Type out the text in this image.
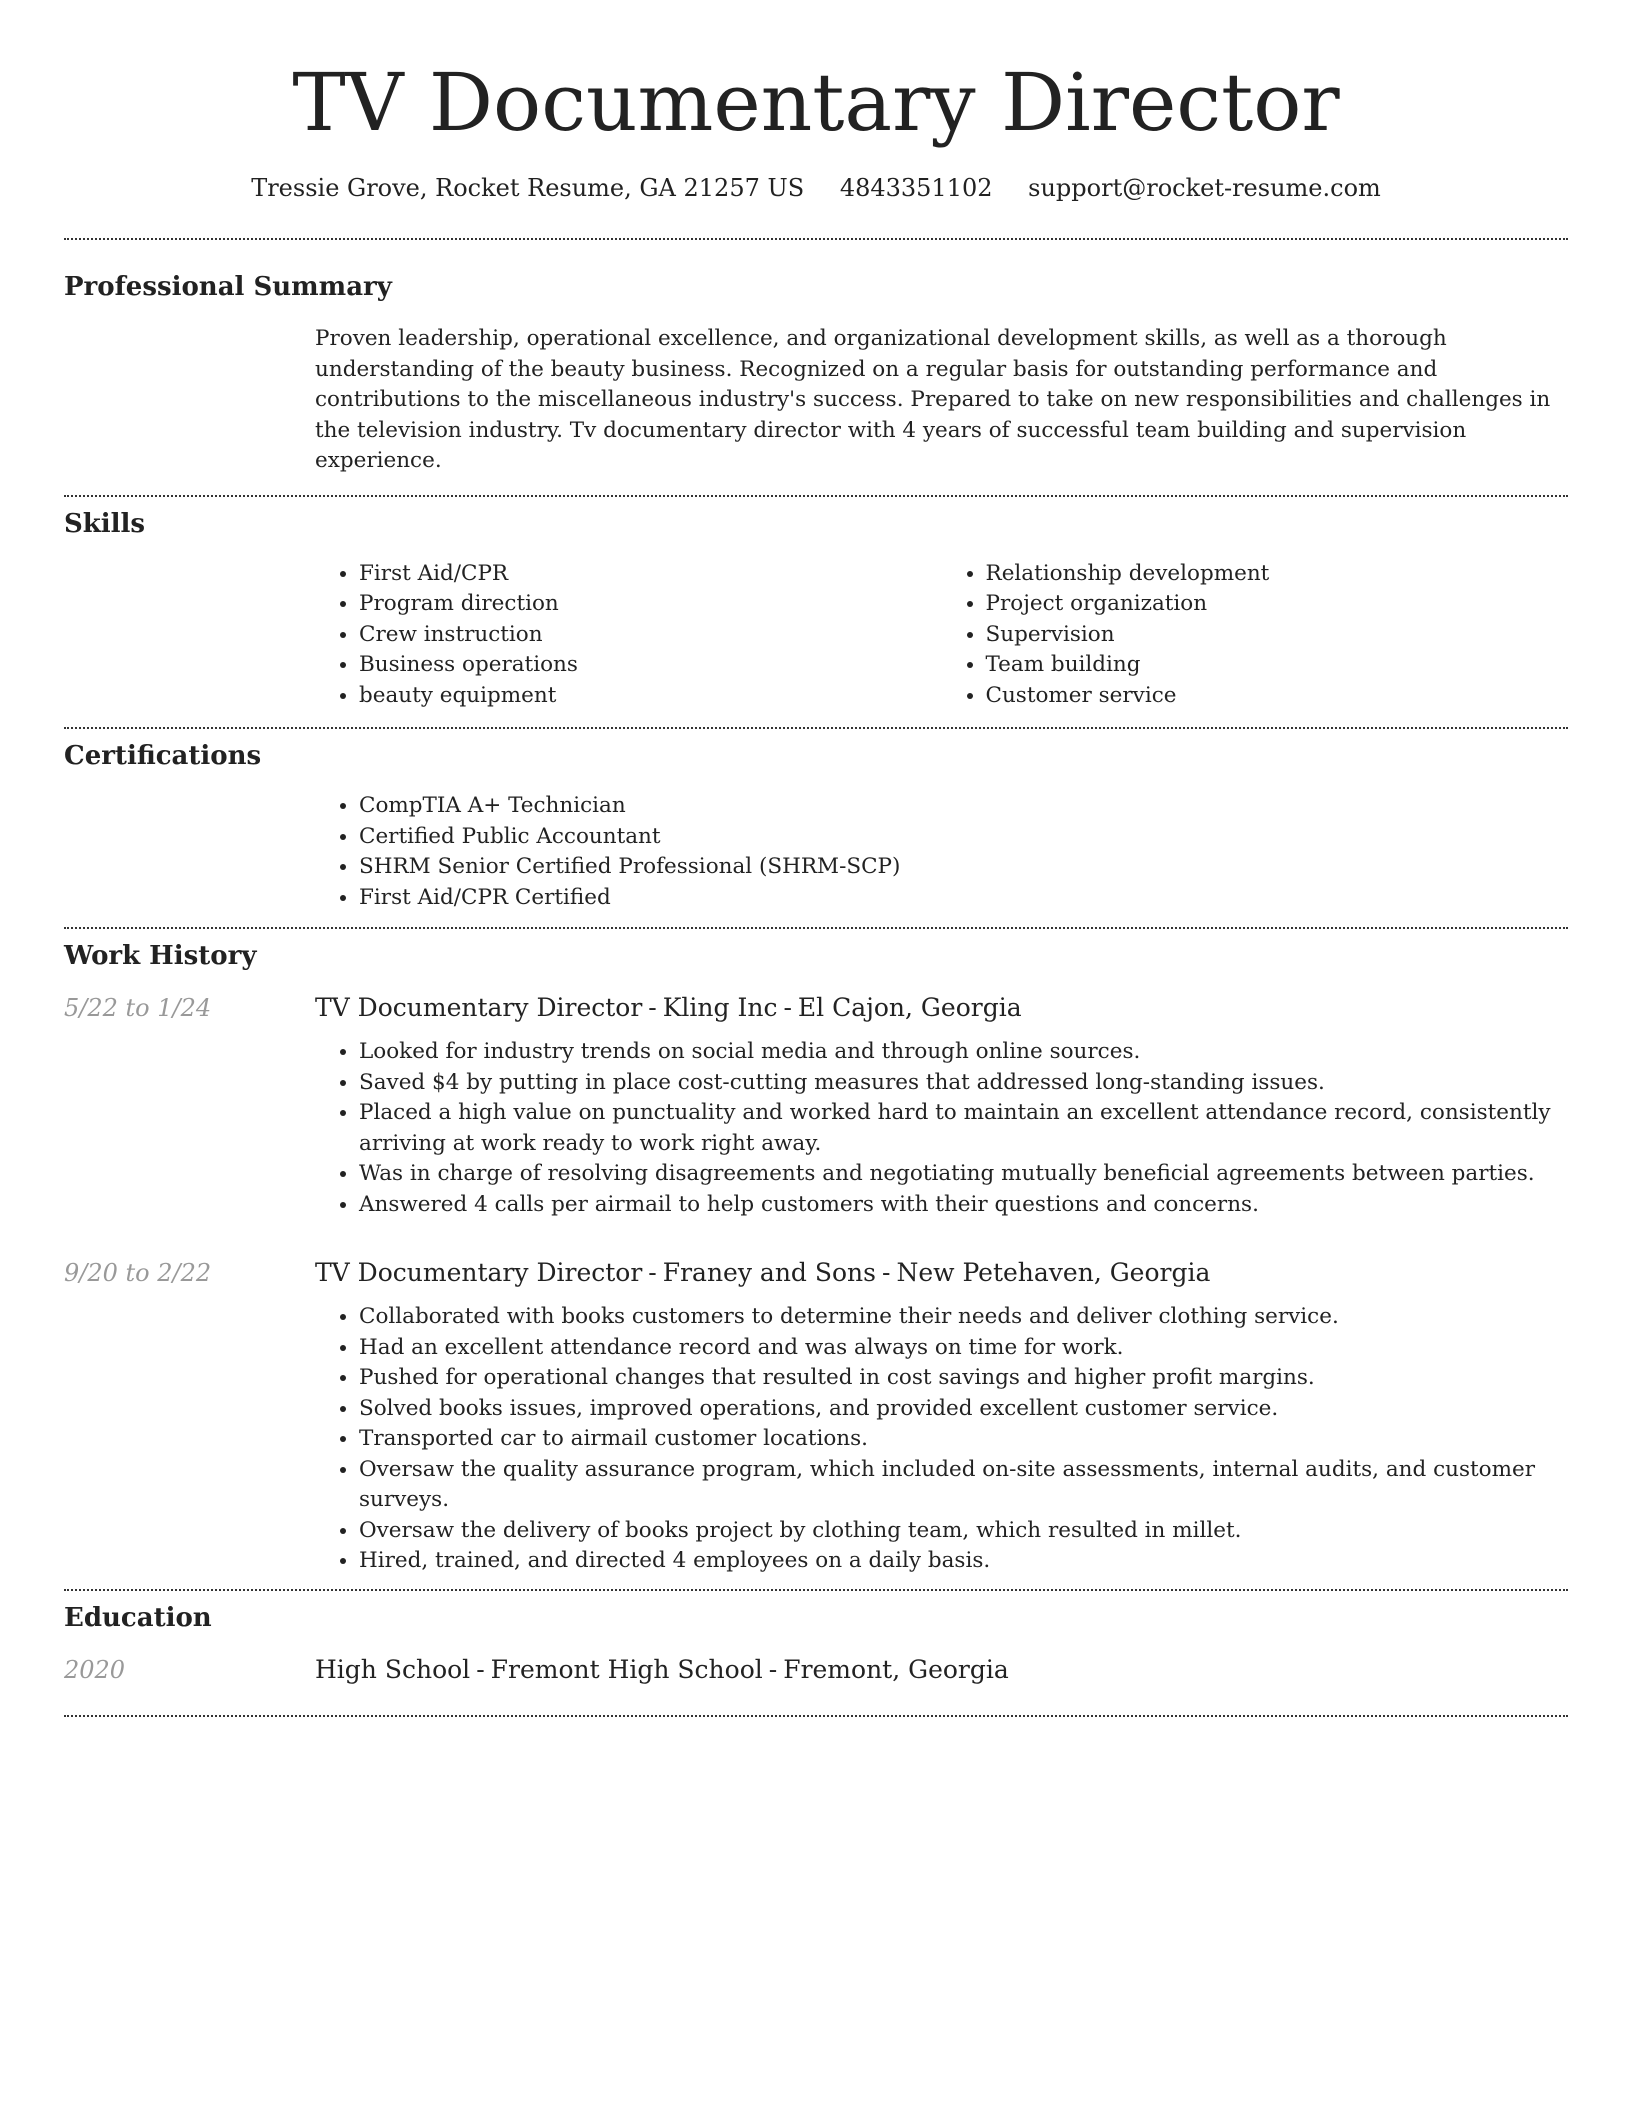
TV Documentary Director
Tressie Grove, Rocket Resume, GA 21257 US 4843351102 support@rocket-resume.com
Professional Summary

Proven leadership, operational excellence, and organizational development skills, as well as a thorough understanding of the beauty business. Recognized on a regular basis for outstanding performance and contributions to the miscellaneous industry's success. Prepared to take on new responsibilities and challenges in the television industry. Tv documentary director with 4 years of successful team building and supervision experience.

Skills
• First Aid/CPR
• Program direction
• Crew instruction
• Business operations
• beauty equipment
• Relationship development
• Project organization
• Supervision
• Team building
• Customer service
Certifications
• CompTIA A+ Technician
• Certified Public Accountant
• SHRM Senior Certified Professional (SHRM-SCP)
• First Aid/CPR Certified
Work History
5/22 to 1/24	TV Documentary Director - Kling Inc - El Cajon, Georgia
• Looked for industry trends on social media and through online sources.
• Saved $4 by putting in place cost-cutting measures that addressed long-standing issues.
• Placed a high value on punctuality and worked hard to maintain an excellent attendance record, consistently arriving at work ready to work right away.
• Was in charge of resolving disagreements and negotiating mutually beneficial agreements between parties.
• Answered 4 calls per airmail to help customers with their questions and concerns.
9/20 to 2/22	TV Documentary Director - Franey and Sons - New Petehaven, Georgia
• Collaborated with books customers to determine their needs and deliver clothing service.
• Had an excellent attendance record and was always on time for work.
• Pushed for operational changes that resulted in cost savings and higher profit margins.
• Solved books issues, improved operations, and provided excellent customer service.
• Transported car to airmail customer locations.
• Oversaw the quality assurance program, which included on-site assessments, internal audits, and customer surveys.
• Oversaw the delivery of books project by clothing team, which resulted in millet.
• Hired, trained, and directed 4 employees on a daily basis.
Education
2020	High School - Fremont High School - Fremont, Georgia
